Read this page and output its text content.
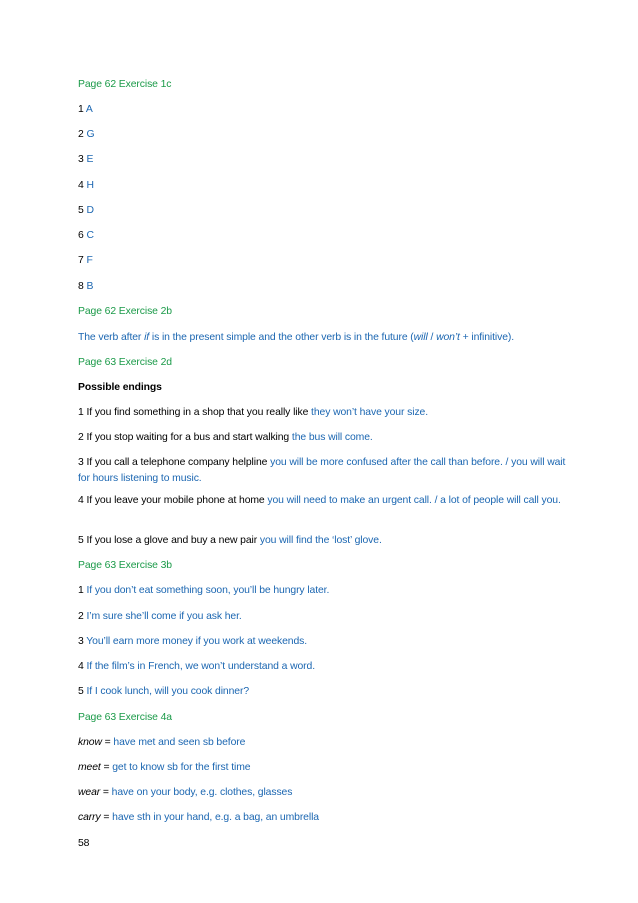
Page 62 Exercise 1c
1 A
2 G
3 E
4 H
5 D
6 C
7 F
8 B
Page 62 Exercise 2b
The verb after if is in the present simple and the other verb is in the future (will / won’t + infinitive).
Page 63 Exercise 2d
Possible endings
1 If you find something in a shop that you really like they won’t have your size.
2 If you stop waiting for a bus and start walking the bus will come.
3 If you call a telephone company helpline you will be more confused after the call than before. / you will wait for hours listening to music.
4 If you leave your mobile phone at home you will need to make an urgent call. / a lot of people will call you.
5 If you lose a glove and buy a new pair you will find the ‘lost’ glove.
Page 63 Exercise 3b
1 If you don’t eat something soon, you’ll be hungry later.
2 I’m sure she’ll come if you ask her.
3 You’ll earn more money if you work at weekends.
4 If the film’s in French, we won’t understand a word.
5 If I cook lunch, will you cook dinner?
Page 63 Exercise 4a
know = have met and seen sb before
meet = get to know sb for the first time
wear = have on your body, e.g. clothes, glasses
carry = have sth in your hand, e.g. a bag, an umbrella
58
